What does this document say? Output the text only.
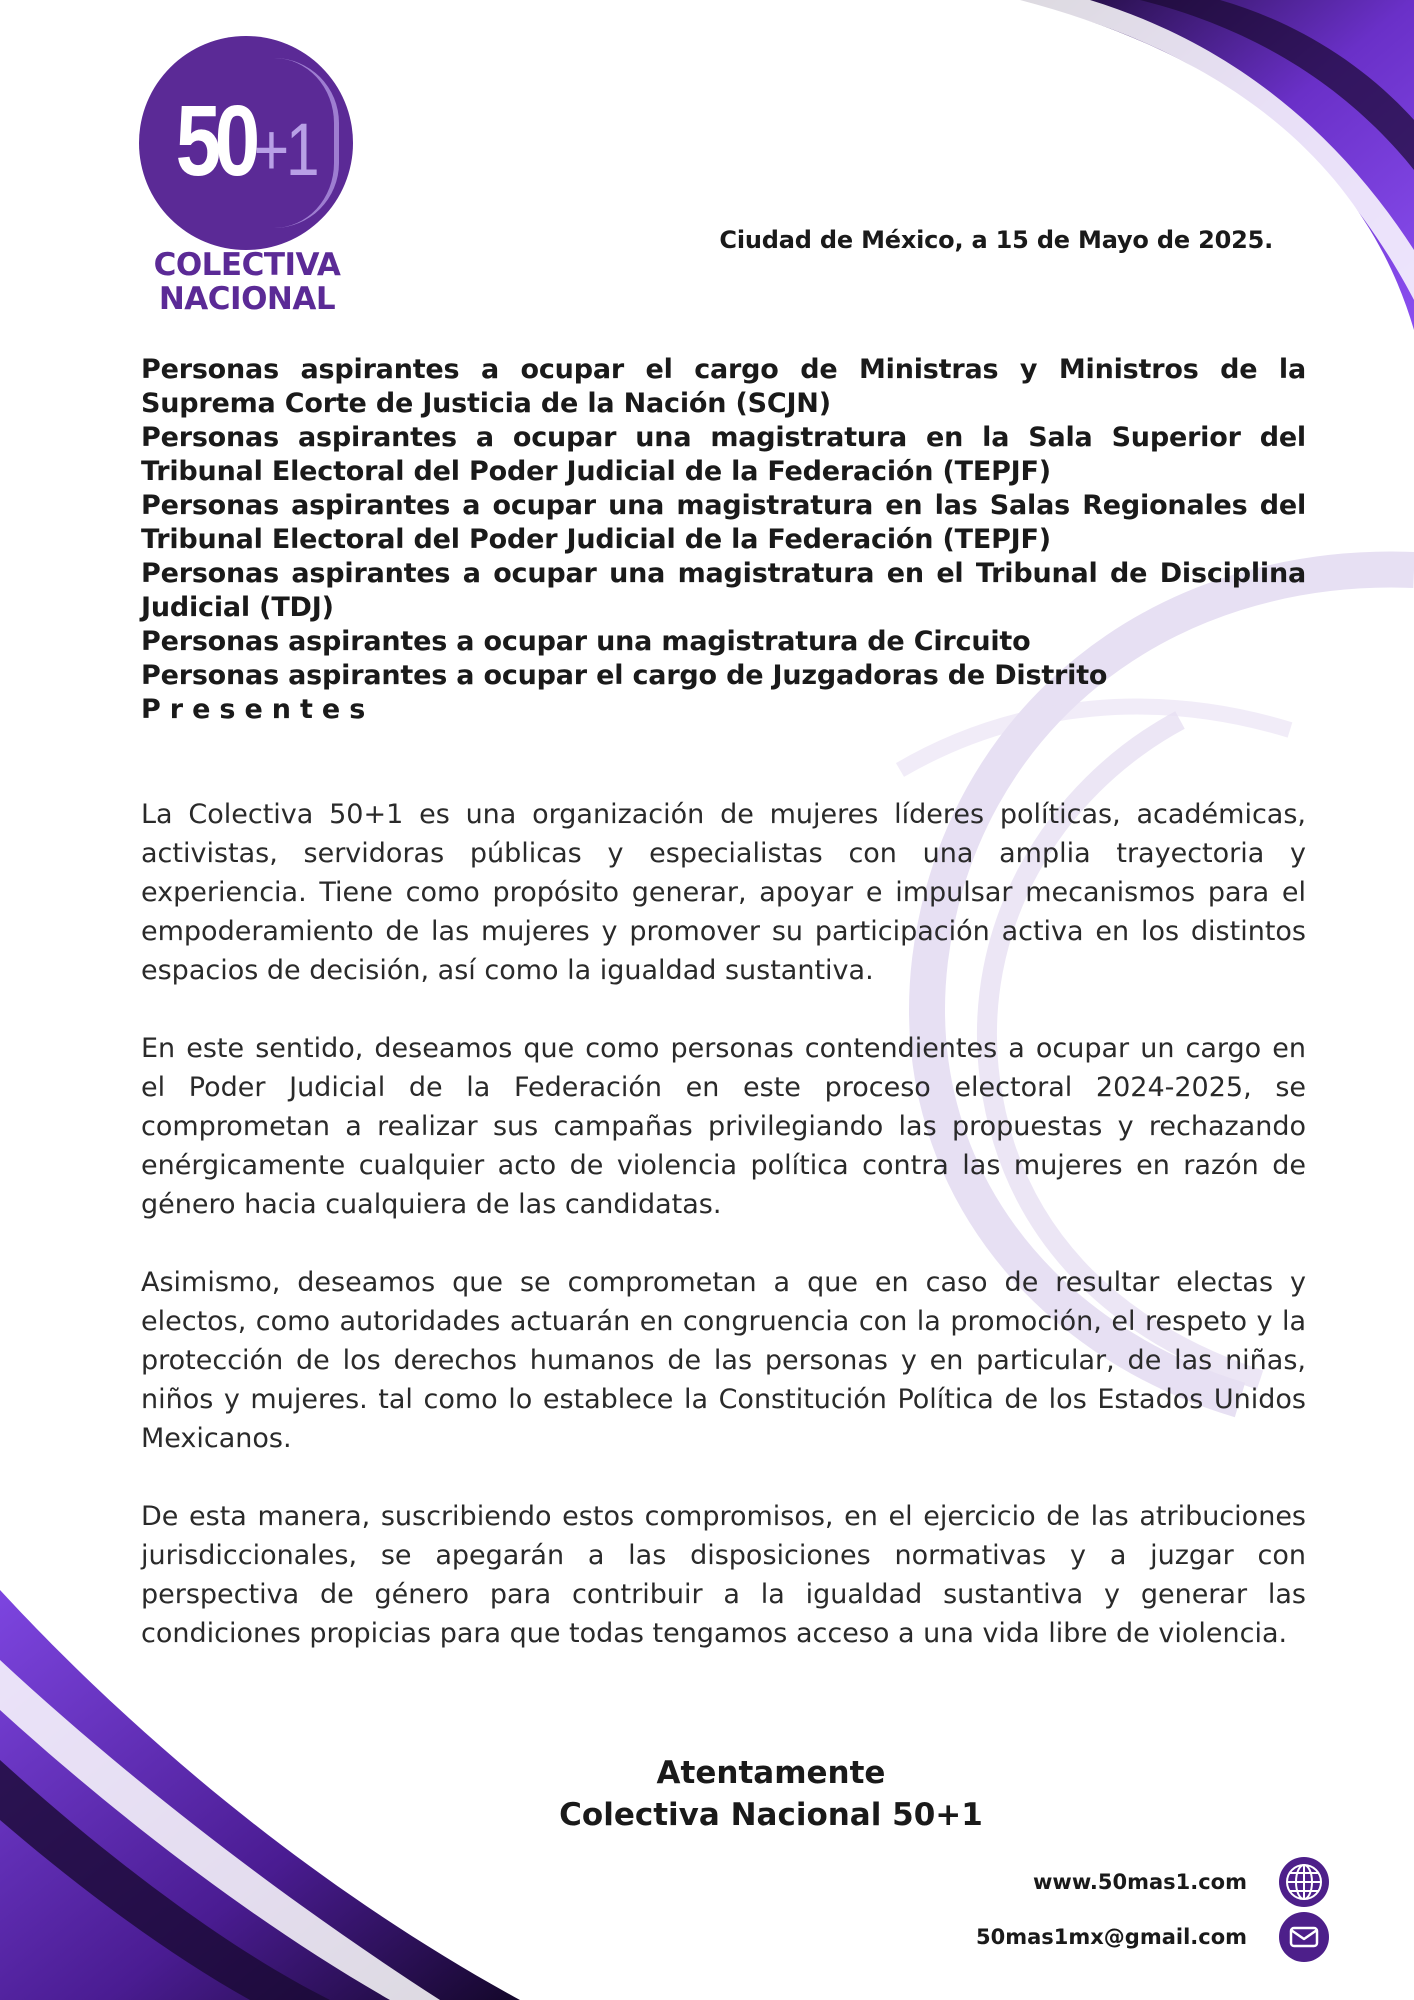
50+1
COLECTIVA
NACIONAL
Ciudad de México, a 15 de Mayo de 2025.
Personas aspirantes a ocupar el cargo de Ministras y Ministros de la Suprema Corte de Justicia de la Nación (SCJN)
Personas aspirantes a ocupar una magistratura en la Sala Superior del Tribunal Electoral del Poder Judicial de la Federación (TEPJF)
Personas aspirantes a ocupar una magistratura en las Salas Regionales del Tribunal Electoral del Poder Judicial de la Federación (TEPJF)
Personas aspirantes a ocupar una magistratura en el Tribunal de Disciplina Judicial (TDJ)
Personas aspirantes a ocupar una magistratura de Circuito
Personas aspirantes a ocupar el cargo de Juzgadoras de Distrito
Presentes

La Colectiva 50+1 es una organización de mujeres líderes políticas, académicas, activistas, servidoras públicas y especialistas con una amplia trayectoria y experiencia. Tiene como propósito generar, apoyar e impulsar mecanismos para el empoderamiento de las mujeres y promover su participación activa en los distintos espacios de decisión, así como la igualdad sustantiva.

En este sentido, deseamos que como personas contendientes a ocupar un cargo en el Poder Judicial de la Federación en este proceso electoral 2024-2025, se comprometan a realizar sus campañas privilegiando las propuestas y rechazando enérgicamente cualquier acto de violencia política contra las mujeres en razón de género hacia cualquiera de las candidatas.

Asimismo, deseamos que se comprometan a que en caso de resultar electas y electos, como autoridades actuarán en congruencia con la promoción, el respeto y la protección de los derechos humanos de las personas y en particular, de las niñas, niños y mujeres. tal como lo establece la Constitución Política de los Estados Unidos Mexicanos.

De esta manera, suscribiendo estos compromisos, en el ejercicio de las atribuciones jurisdiccionales, se apegarán a las disposiciones normativas y a juzgar con perspectiva de género para contribuir a la igualdad sustantiva y generar las condiciones propicias para que todas tengamos acceso a una vida libre de violencia.

Atentamente
Colectiva Nacional 50+1
www.50mas1.com
50mas1mx@gmail.com
